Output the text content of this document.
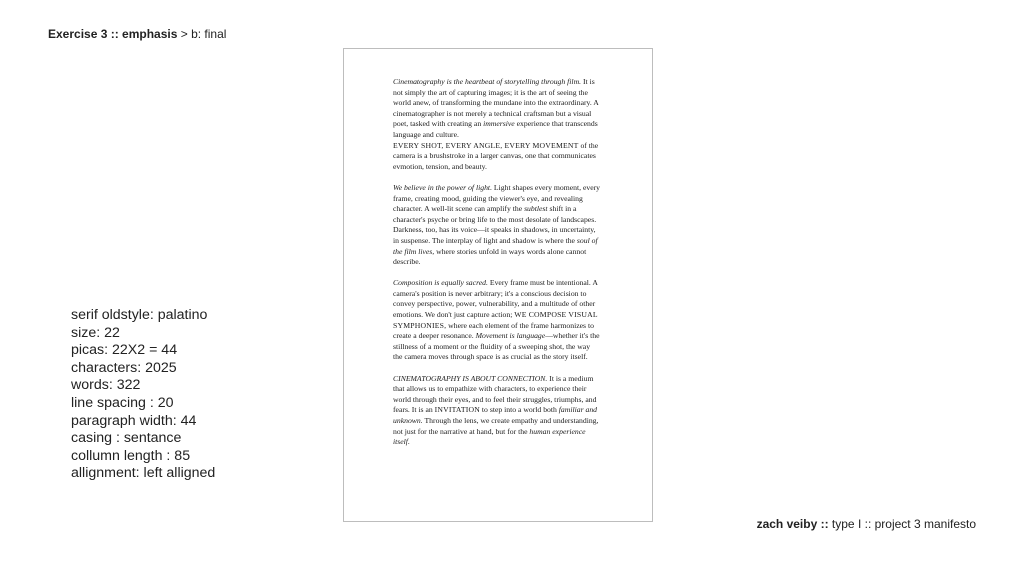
Exercise 3 :: emphasis > b: final
serif oldstyle: palatino
size: 22
picas: 22X2 = 44
characters: 2025
words: 322
line spacing : 20
paragraph width: 44
casing : sentance
collumn length : 85
allignment: left alligned

Cinematography is the heartbeat of storytelling through film. It is not simply the art of capturing images; it is the art of seeing the world anew, of transforming the mundane into the extraordinary. A cinematographer is not merely a technical craftsman but a visual poet, tasked with creating an immersive experience that transcends language and culture.
EVERY SHOT, EVERY ANGLE, EVERY MOVEMENT of the camera is a brushstroke in a larger canvas, one that communicates evmotion, tension, and beauty.

We believe in the power of light. Light shapes every moment, every frame, creating mood, guiding the viewer's eye, and revealing character. A well-lit scene can amplify the subtlest shift in a character's psyche or bring life to the most desolate of landscapes. Darkness, too, has its voice—it speaks in shadows, in uncertainty, in suspense. The interplay of light and shadow is where the soul of the film lives, where stories unfold in ways words alone cannot describe.

Composition is equally sacred. Every frame must be intentional. A camera's position is never arbitrary; it's a conscious decision to convey perspective, power, vulnerability, and a multitude of other emotions. We don't just capture action; WE COMPOSE VISUAL SYMPHONIES, where each element of the frame harmonizes to create a deeper resonance. Movement is language—whether it's the stillness of a moment or the fluidity of a sweeping shot, the way the camera moves through space is as crucial as the story itself.

CINEMATOGRAPHY IS ABOUT CONNECTION. It is a medium that allows us to empathize with characters, to experience their world through their eyes, and to feel their struggles, triumphs, and fears. It is an INVITATION to step into a world both familiar and unknown. Through the lens, we create empathy and understanding, not just for the narrative at hand, but for the human experience itself.

zach veiby :: type I :: project 3 manifesto
